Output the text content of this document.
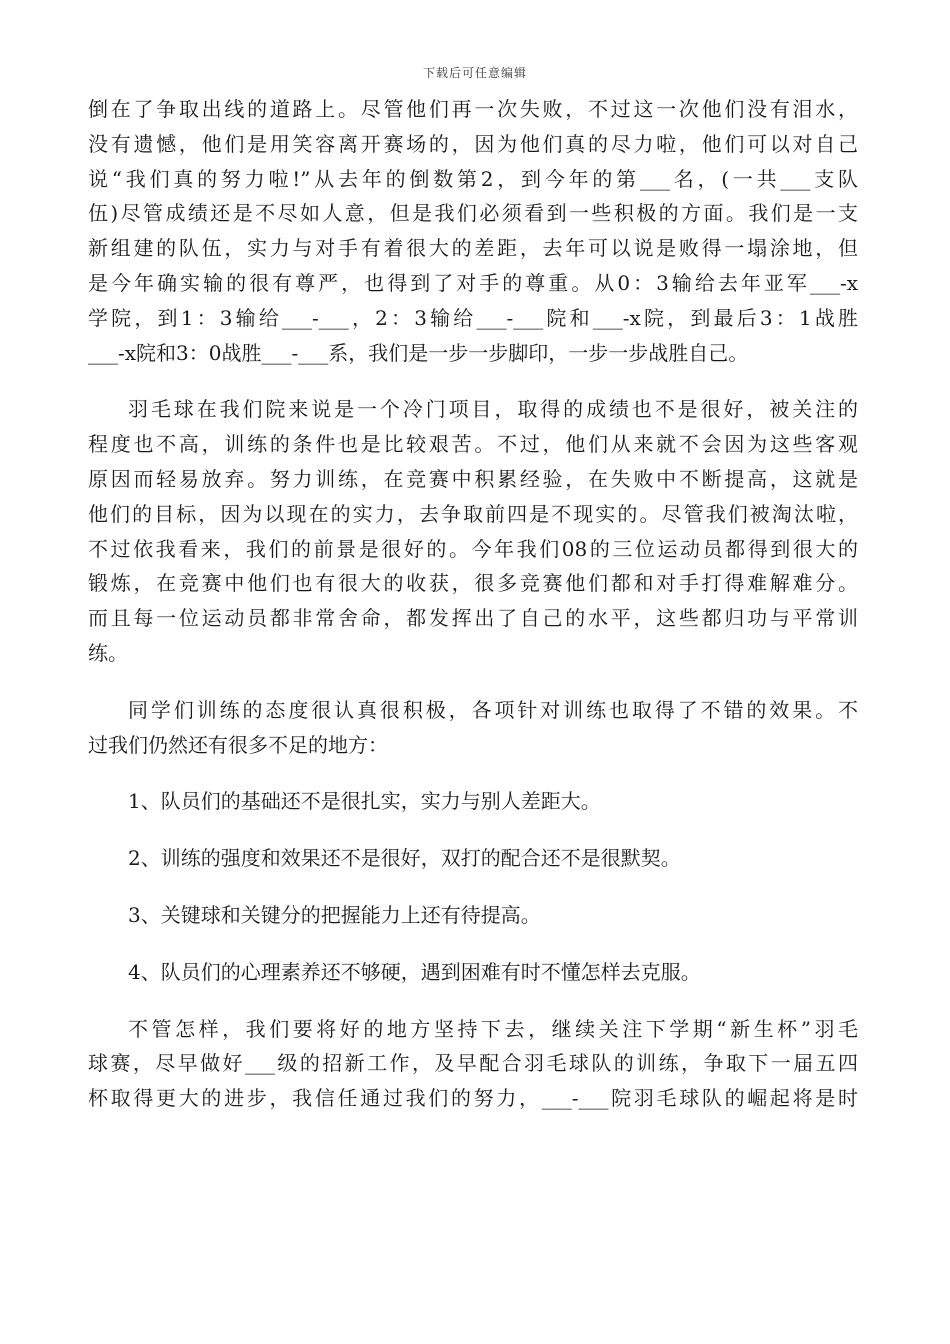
下载后可任意编辑
倒在了争取出线的道路上。尽管他们再一次失败，不过这一次他们没有泪水，
没有遗憾，他们是用笑容离开赛场的，因为他们真的尽力啦，他们可以对自己
说“我们真的努力啦!”从去年的倒数第2，到今年的第___名，(一共___支队
伍)尽管成绩还是不尽如人意，但是我们必须看到一些积极的方面。我们是一支
新组建的队伍，实力与对手有着很大的差距，去年可以说是败得一塌涂地，但
是今年确实输的很有尊严，也得到了对手的尊重。从0：3输给去年亚军___-x
学院，到1：3输给___-___，2：3输给___-___院和___-x院，到最后3：1战胜
___-x院和3：0战胜___-___系，我们是一步一步脚印，一步一步战胜自己。
羽毛球在我们院来说是一个冷门项目，取得的成绩也不是很好，被关注的
程度也不高，训练的条件也是比较艰苦。不过，他们从来就不会因为这些客观
原因而轻易放弃。努力训练，在竞赛中积累经验，在失败中不断提高，这就是
他们的目标，因为以现在的实力，去争取前四是不现实的。尽管我们被淘汰啦，
不过依我看来，我们的前景是很好的。今年我们08的三位运动员都得到很大的
锻炼，在竞赛中他们也有很大的收获，很多竞赛他们都和对手打得难解难分。
而且每一位运动员都非常舍命，都发挥出了自己的水平，这些都归功与平常训
练。
同学们训练的态度很认真很积极，各项针对训练也取得了不错的效果。不
过我们仍然还有很多不足的地方：
1、队员们的基础还不是很扎实，实力与别人差距大。
2、训练的强度和效果还不是很好，双打的配合还不是很默契。
3、关键球和关键分的把握能力上还有待提高。
4、队员们的心理素养还不够硬，遇到困难有时不懂怎样去克服。
不管怎样，我们要将好的地方坚持下去，继续关注下学期“新生杯”羽毛
球赛，尽早做好___级的招新工作，及早配合羽毛球队的训练，争取下一届五四
杯取得更大的进步，我信任通过我们的努力，___-___院羽毛球队的崛起将是时
